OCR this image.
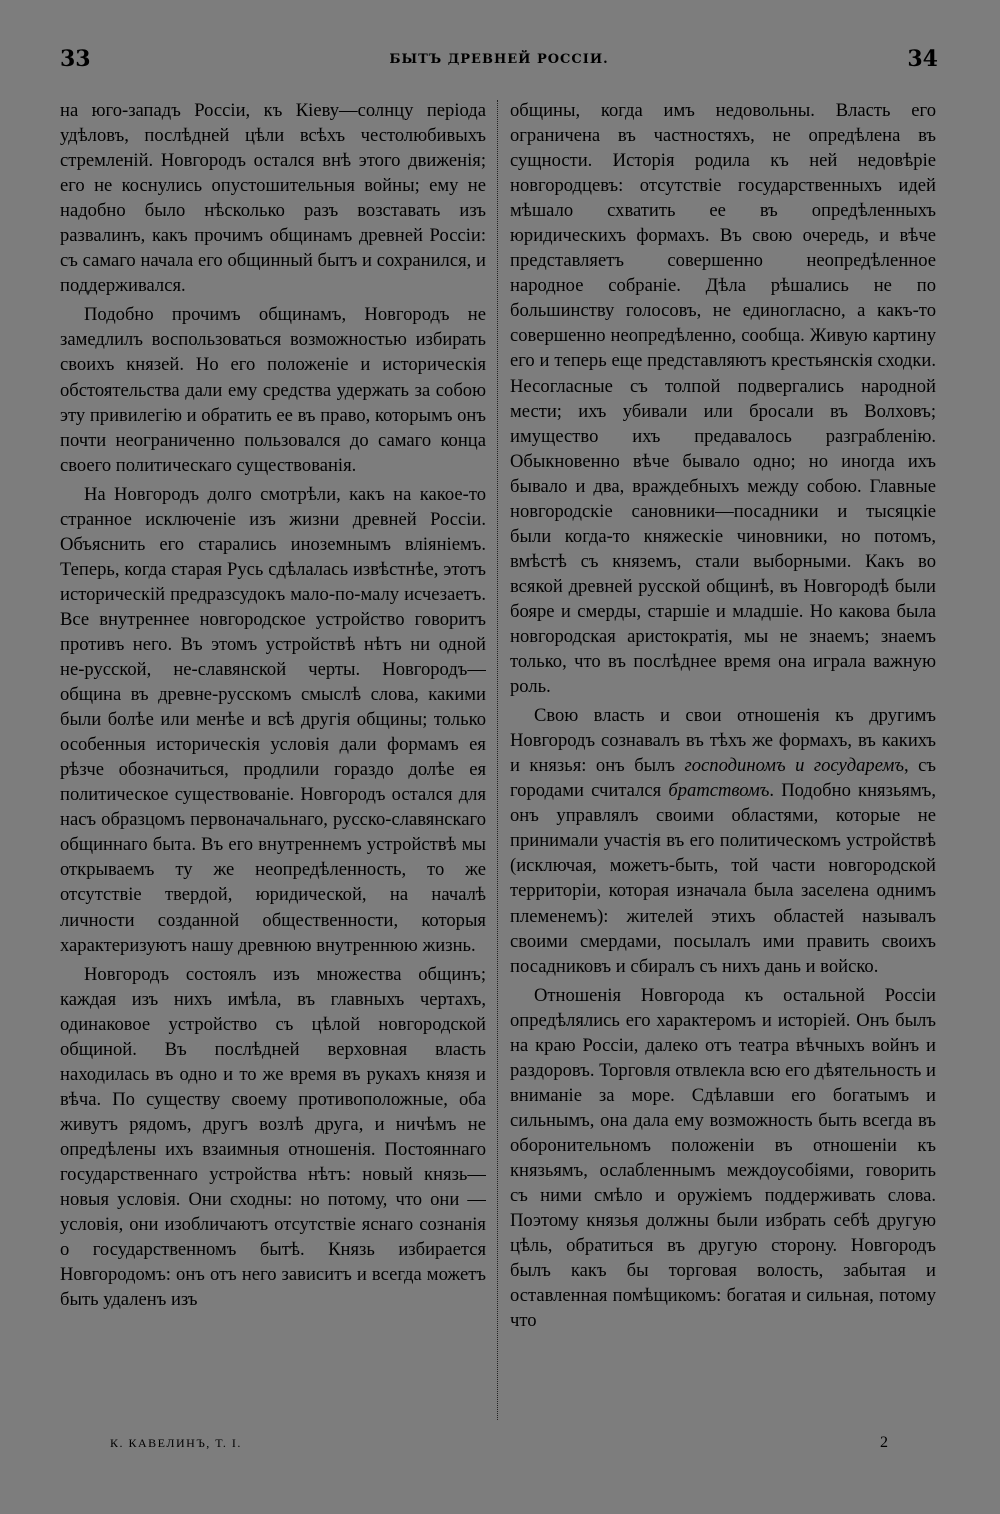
33	БЫТЪ ДРЕВНЕЙ РОССІИ.	34

на юго-западъ Россіи, къ Кіеву—солнцу періода удѣловъ, послѣдней цѣли всѣхъ честолюбивыхъ стремленій. Новгородъ остался внѣ этого движенія; его не коснулись опустошительныя войны; ему не надобно было нѣсколько разъ возставать изъ развалинъ, какъ прочимъ общинамъ древней Россіи: съ самаго начала его общинный бытъ и сохранился, и поддерживался.

Подобно прочимъ общинамъ, Новгородъ не замедлилъ воспользоваться возможностью избирать своихъ князей. Но его положеніе и историческія обстоятельства дали ему средства удержать за собою эту привилегію и обратить ее въ право, которымъ онъ почти неограниченно пользовался до самаго конца своего политическаго существованія.

На Новгородъ долго смотрѣли, какъ на какое-то странное исключеніе изъ жизни древней Россіи. Объяснить его старались иноземнымъ вліяніемъ. Теперь, когда старая Русь сдѣлалась извѣстнѣе, этотъ историческій предразсудокъ мало-по-малу исчезаетъ. Все внутреннее новгородское устройство говоритъ противъ него. Въ этомъ устройствѣ нѣтъ ни одной не-русской, не-славянской черты. Новгородъ—община въ древне-русскомъ смыслѣ слова, какими были болѣе или менѣе и всѣ другія общины; только особенныя историческія условія дали формамъ ея рѣзче обозначиться, продлили гораздо долѣе ея политическое существованіе. Новгородъ остался для насъ образцомъ первоначальнаго, русско-славянскаго общиннаго быта. Въ его внутреннемъ устройствѣ мы открываемъ ту же неопредѣленность, то же отсутствіе твердой, юридической, на началѣ личности созданной общественности, которыя характеризуютъ нашу древнюю внутреннюю жизнь.

Новгородъ состоялъ изъ множества общинъ; каждая изъ нихъ имѣла, въ главныхъ чертахъ, одинаковое устройство съ цѣлой новгородской общиной. Въ послѣдней верховная власть находилась въ одно и то же время въ рукахъ князя и вѣча. По существу своему противоположные, оба живутъ рядомъ, другъ возлѣ друга, и ничѣмъ не опредѣлены ихъ взаимныя отношенія. Постояннаго государственнаго устройства нѣтъ: новый князь—новыя условія. Они сходны: но потому, что они — условія, они изобличаютъ отсутствіе яснаго сознанія о государственномъ бытѣ. Князь избирается Новгородомъ: онъ отъ него зависитъ и всегда можетъ быть удаленъ изъ

общины, когда имъ недовольны. Власть его ограничена въ частностяхъ, не опредѣлена въ сущности. Исторія родила къ ней недовѣріе новгородцевъ: отсутствіе государственныхъ идей мѣшало схватить ее въ опредѣленныхъ юридическихъ формахъ. Въ свою очередь, и вѣче представляетъ совершенно неопредѣленное народное собраніе. Дѣла рѣшались не по большинству голосовъ, не единогласно, а какъ-то совершенно неопредѣленно, сообща. Живую картину его и теперь еще представляютъ крестьянскія сходки. Несогласные съ толпой подвергались народной мести; ихъ убивали или бросали въ Волховъ; имущество ихъ предавалось разграбленію. Обыкновенно вѣче бывало одно; но иногда ихъ бывало и два, враждебныхъ между собою. Главные новгородскіе сановники—посадники и тысяцкіе были когда-то княжескіе чиновники, но потомъ, вмѣстѣ съ княземъ, стали выборными. Какъ во всякой древней русской общинѣ, въ Новгородѣ были бояре и смерды, старшіе и младшіе. Но какова была новгородская аристократія, мы не знаемъ; знаемъ только, что въ послѣднее время она играла важную роль.

Свою власть и свои отношенія къ другимъ Новгородъ сознавалъ въ тѣхъ же формахъ, въ какихъ и князья: онъ былъ господиномъ и государемъ, съ городами считался братствомъ. Подобно князьямъ, онъ управлялъ своими областями, которые не принимали участія въ его политическомъ устройствѣ (исключая, можетъ-быть, той части новгородской территоріи, которая изначала была заселена однимъ племенемъ): жителей этихъ областей называлъ своими смердами, посылалъ ими править своихъ посадниковъ и сбиралъ съ нихъ дань и войско.

Отношенія Новгорода къ остальной Россіи опредѣлялись его характеромъ и исторіей. Онъ былъ на краю Россіи, далеко отъ театра вѣчныхъ войнъ и раздоровъ. Торговля отвлекла всю его дѣятельность и вниманіе за море. Сдѣлавши его богатымъ и сильнымъ, она дала ему возможность быть всегда въ оборонительномъ положеніи въ отношеніи къ князьямъ, ослабленнымъ междоусобіями, говорить съ ними смѣло и оружіемъ поддерживать слова. Поэтому князья должны были избрать себѣ другую цѣль, обратиться въ другую сторону. Новгородъ былъ какъ бы торговая волость, забытая и оставленная помѣщикомъ: богатая и сильная, потому что

К. КАВЕЛИНЪ, Т. I.	2
